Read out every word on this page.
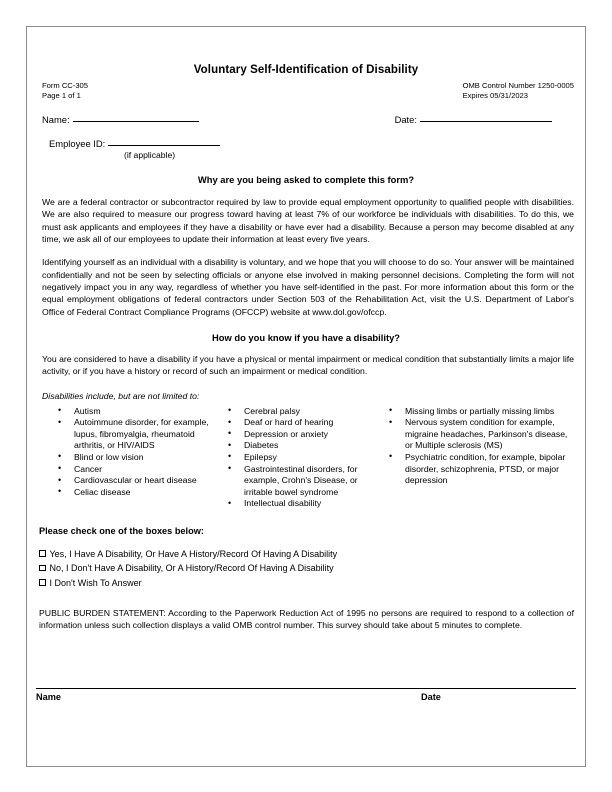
Voluntary Self-Identification of Disability
Form CC-305
Page 1 of 1
OMB Control Number 1250-0005
Expires 05/31/2023
Name:	Date:
Employee ID:
(if applicable)
Why are you being asked to complete this form?

We are a federal contractor or subcontractor required by law to provide equal employment opportunity to qualified people with disabilities. We are also required to measure our progress toward having at least 7% of our workforce be individuals with disabilities. To do this, we must ask applicants and employees if they have a disability or have ever had a disability. Because a person may become disabled at any time, we ask all of our employees to update their information at least every five years.

Identifying yourself as an individual with a disability is voluntary, and we hope that you will choose to do so. Your answer will be maintained confidentially and not be seen by selecting officials or anyone else involved in making personnel decisions. Completing the form will not negatively impact you in any way, regardless of whether you have self-identified in the past. For more information about this form or the equal employment obligations of federal contractors under Section 503 of the Rehabilitation Act, visit the U.S. Department of Labor's Office of Federal Contract Compliance Programs (OFCCP) website at www.dol.gov/ofccp.

How do you know if you have a disability?

You are considered to have a disability if you have a physical or mental impairment or medical condition that substantially limits a major life activity, or if you have a history or record of such an impairment or medical condition.

Disabilities include, but are not limited to:
• Autism
• Autoimmune disorder, for example, lupus, fibromyalgia, rheumatoid arthritis, or HIV/AIDS
• Blind or low vision
• Cancer
• Cardiovascular or heart disease
• Celiac disease
• Cerebral palsy
• Deaf or hard of hearing
• Depression or anxiety
• Diabetes
• Epilepsy
• Gastrointestinal disorders, for example, Crohn's Disease, or irritable bowel syndrome
• Intellectual disability
• Missing limbs or partially missing limbs
• Nervous system condition for example, migraine headaches, Parkinson's disease, or Multiple sclerosis (MS)
• Psychiatric condition, for example, bipolar disorder, schizophrenia, PTSD, or major depression
Please check one of the boxes below:
Yes, I Have A Disability, Or Have A History/Record Of Having A Disability
No, I Don't Have A Disability, Or A History/Record Of Having A Disability
I Don't Wish To Answer

PUBLIC BURDEN STATEMENT: According to the Paperwork Reduction Act of 1995 no persons are required to respond to a collection of information unless such collection displays a valid OMB control number. This survey should take about 5 minutes to complete.

Name	Date
